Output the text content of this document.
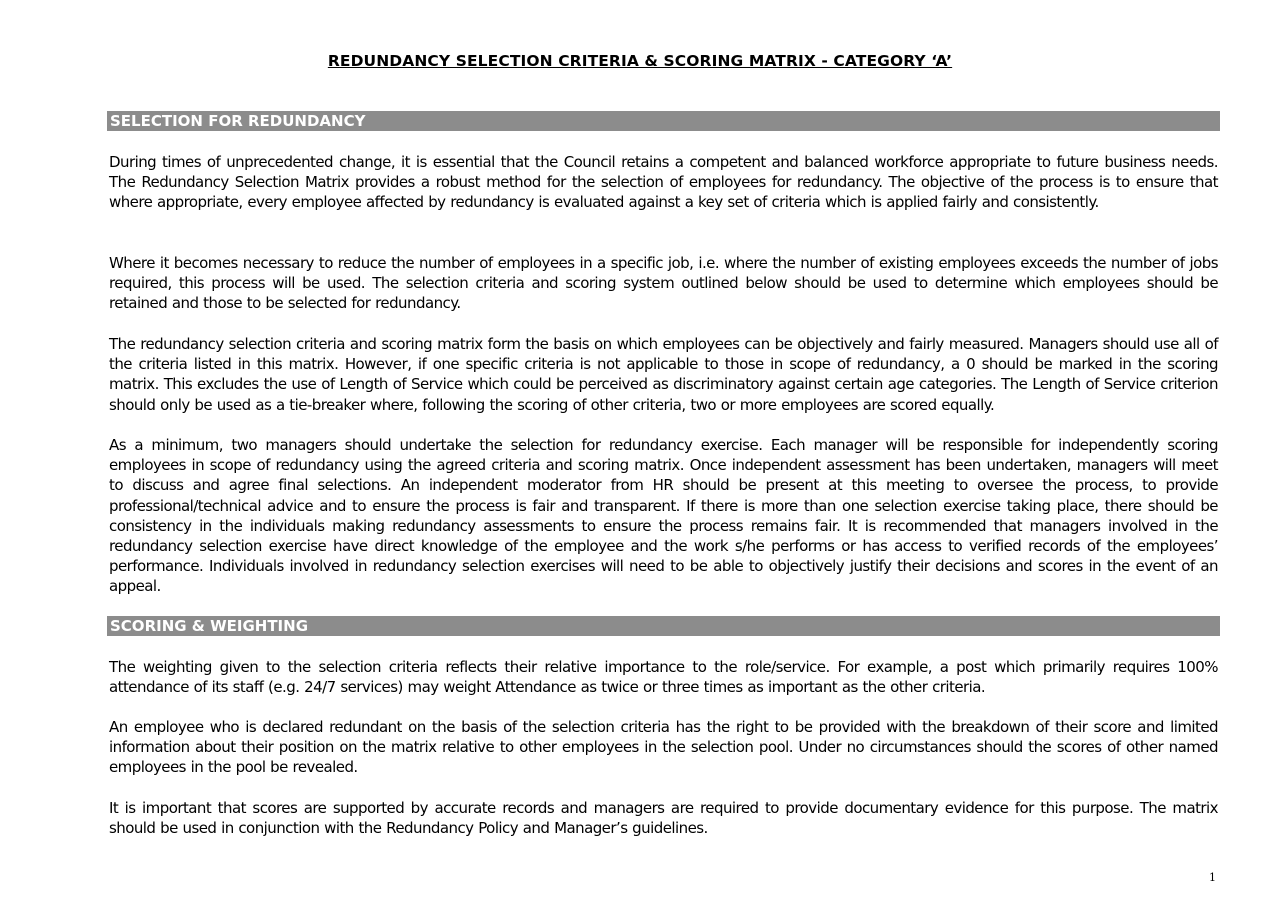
REDUNDANCY SELECTION CRITERIA & SCORING MATRIX - CATEGORY ‘A’
SELECTION FOR REDUNDANCY
During times of unprecedented change, it is essential that the Council retains a competent and balanced workforce appropriate to future business needs. The Redundancy Selection Matrix provides a robust method for the selection of employees for redundancy. The objective of the process is to ensure that where appropriate, every employee affected by redundancy is evaluated against a key set of criteria which is applied fairly and consistently.
Where it becomes necessary to reduce the number of employees in a specific job, i.e. where the number of existing employees exceeds the number of jobs required, this process will be used. The selection criteria and scoring system outlined below should be used to determine which employees should be retained and those to be selected for redundancy.
The redundancy selection criteria and scoring matrix form the basis on which employees can be objectively and fairly measured. Managers should use all of the criteria listed in this matrix. However, if one specific criteria is not applicable to those in scope of redundancy, a 0 should be marked in the scoring matrix. This excludes the use of Length of Service which could be perceived as discriminatory against certain age categories. The Length of Service criterion should only be used as a tie-breaker where, following the scoring of other criteria, two or more employees are scored equally.
As a minimum, two managers should undertake the selection for redundancy exercise. Each manager will be responsible for independently scoring employees in scope of redundancy using the agreed criteria and scoring matrix. Once independent assessment has been undertaken, managers will meet to discuss and agree final selections. An independent moderator from HR should be present at this meeting to oversee the process, to provide professional/technical advice and to ensure the process is fair and transparent. If there is more than one selection exercise taking place, there should be consistency in the individuals making redundancy assessments to ensure the process remains fair. It is recommended that managers involved in the redundancy selection exercise have direct knowledge of the employee and the work s/he performs or has access to verified records of the employees’ performance. Individuals involved in redundancy selection exercises will need to be able to objectively justify their decisions and scores in the event of an appeal.
SCORING & WEIGHTING
The weighting given to the selection criteria reflects their relative importance to the role/service. For example, a post which primarily requires 100% attendance of its staff (e.g. 24/7 services) may weight Attendance as twice or three times as important as the other criteria.
An employee who is declared redundant on the basis of the selection criteria has the right to be provided with the breakdown of their score and limited information about their position on the matrix relative to other employees in the selection pool. Under no circumstances should the scores of other named employees in the pool be revealed.
It is important that scores are supported by accurate records and managers are required to provide documentary evidence for this purpose. The matrix should be used in conjunction with the Redundancy Policy and Manager’s guidelines.
1
